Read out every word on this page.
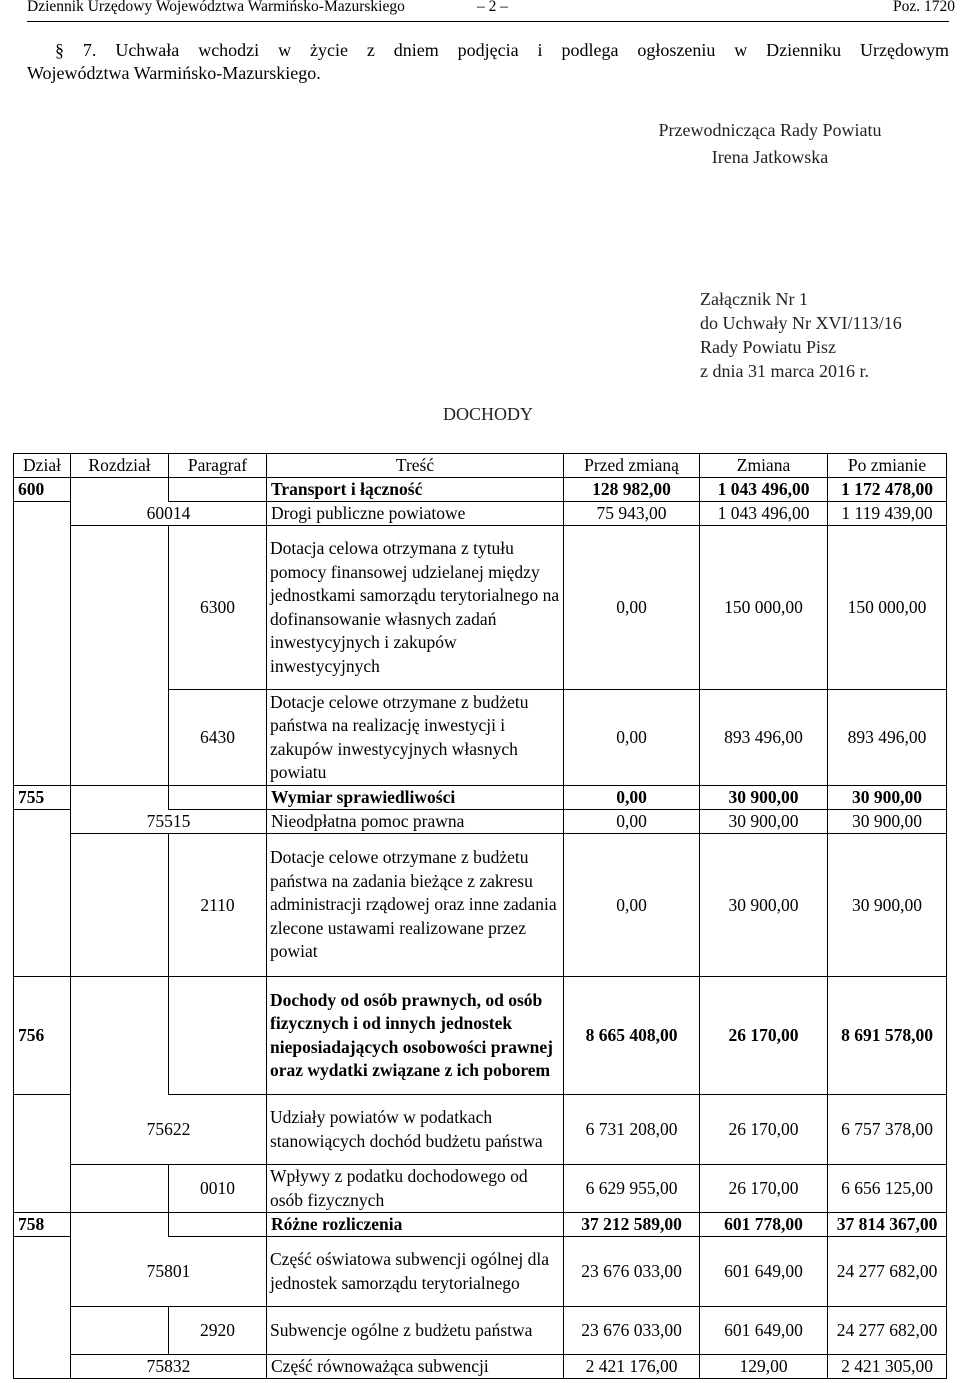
Dziennik Urzędowy Województwa Warmińsko-Mazurskiego	– 2 –	Poz. 1720
§ 7. Uchwała wchodzi w życie z dniem podjęcia i podlega ogłoszeniu w Dzienniku Urzędowym
Województwa Warmińsko-Mazurskiego.
Przewodnicząca Rady Powiatu
Irena Jatkowska
Załącznik Nr 1
do Uchwały Nr XVI/113/16
Rady Powiatu Pisz
z dnia 31 marca 2016 r.
DOCHODY
Dział	Rozdział	Paragraf	Treść	Przed zmianą	Zmiana	Po zmianie
600			Transport i łączność	128 982,00	1 043 496,00	1 172 478,00
	60014		Drogi publiczne powiatowe	75 943,00	1 043 496,00	1 119 439,00
		6300	Dotacja celowa otrzymana z tytułu pomocy finansowej udzielanej między jednostkami samorządu terytorialnego na dofinansowanie własnych zadań inwestycyjnych i zakupów inwestycyjnych	0,00	150 000,00	150 000,00
		6430	Dotacje celowe otrzymane z budżetu państwa na realizację inwestycji i zakupów inwestycyjnych własnych powiatu	0,00	893 496,00	893 496,00
755			Wymiar sprawiedliwości	0,00	30 900,00	30 900,00
	75515		Nieodpłatna pomoc prawna	0,00	30 900,00	30 900,00
		2110	Dotacje celowe otrzymane z budżetu państwa na zadania bieżące z zakresu administracji rządowej oraz inne zadania zlecone ustawami realizowane przez powiat	0,00	30 900,00	30 900,00
756			Dochody od osób prawnych, od osób fizycznych i od innych jednostek nieposiadających osobowości prawnej oraz wydatki związane z ich poborem	8 665 408,00	26 170,00	8 691 578,00
	75622		Udziały powiatów w podatkach stanowiących dochód budżetu państwa	6 731 208,00	26 170,00	6 757 378,00
		0010	Wpływy z podatku dochodowego od osób fizycznych	6 629 955,00	26 170,00	6 656 125,00
758			Różne rozliczenia	37 212 589,00	601 778,00	37 814 367,00
	75801		Część oświatowa subwencji ogólnej dla jednostek samorządu terytorialnego	23 676 033,00	601 649,00	24 277 682,00
		2920	Subwencje ogólne z budżetu państwa	23 676 033,00	601 649,00	24 277 682,00
	75832		Część równoważąca subwencji	2 421 176,00	129,00	2 421 305,00
